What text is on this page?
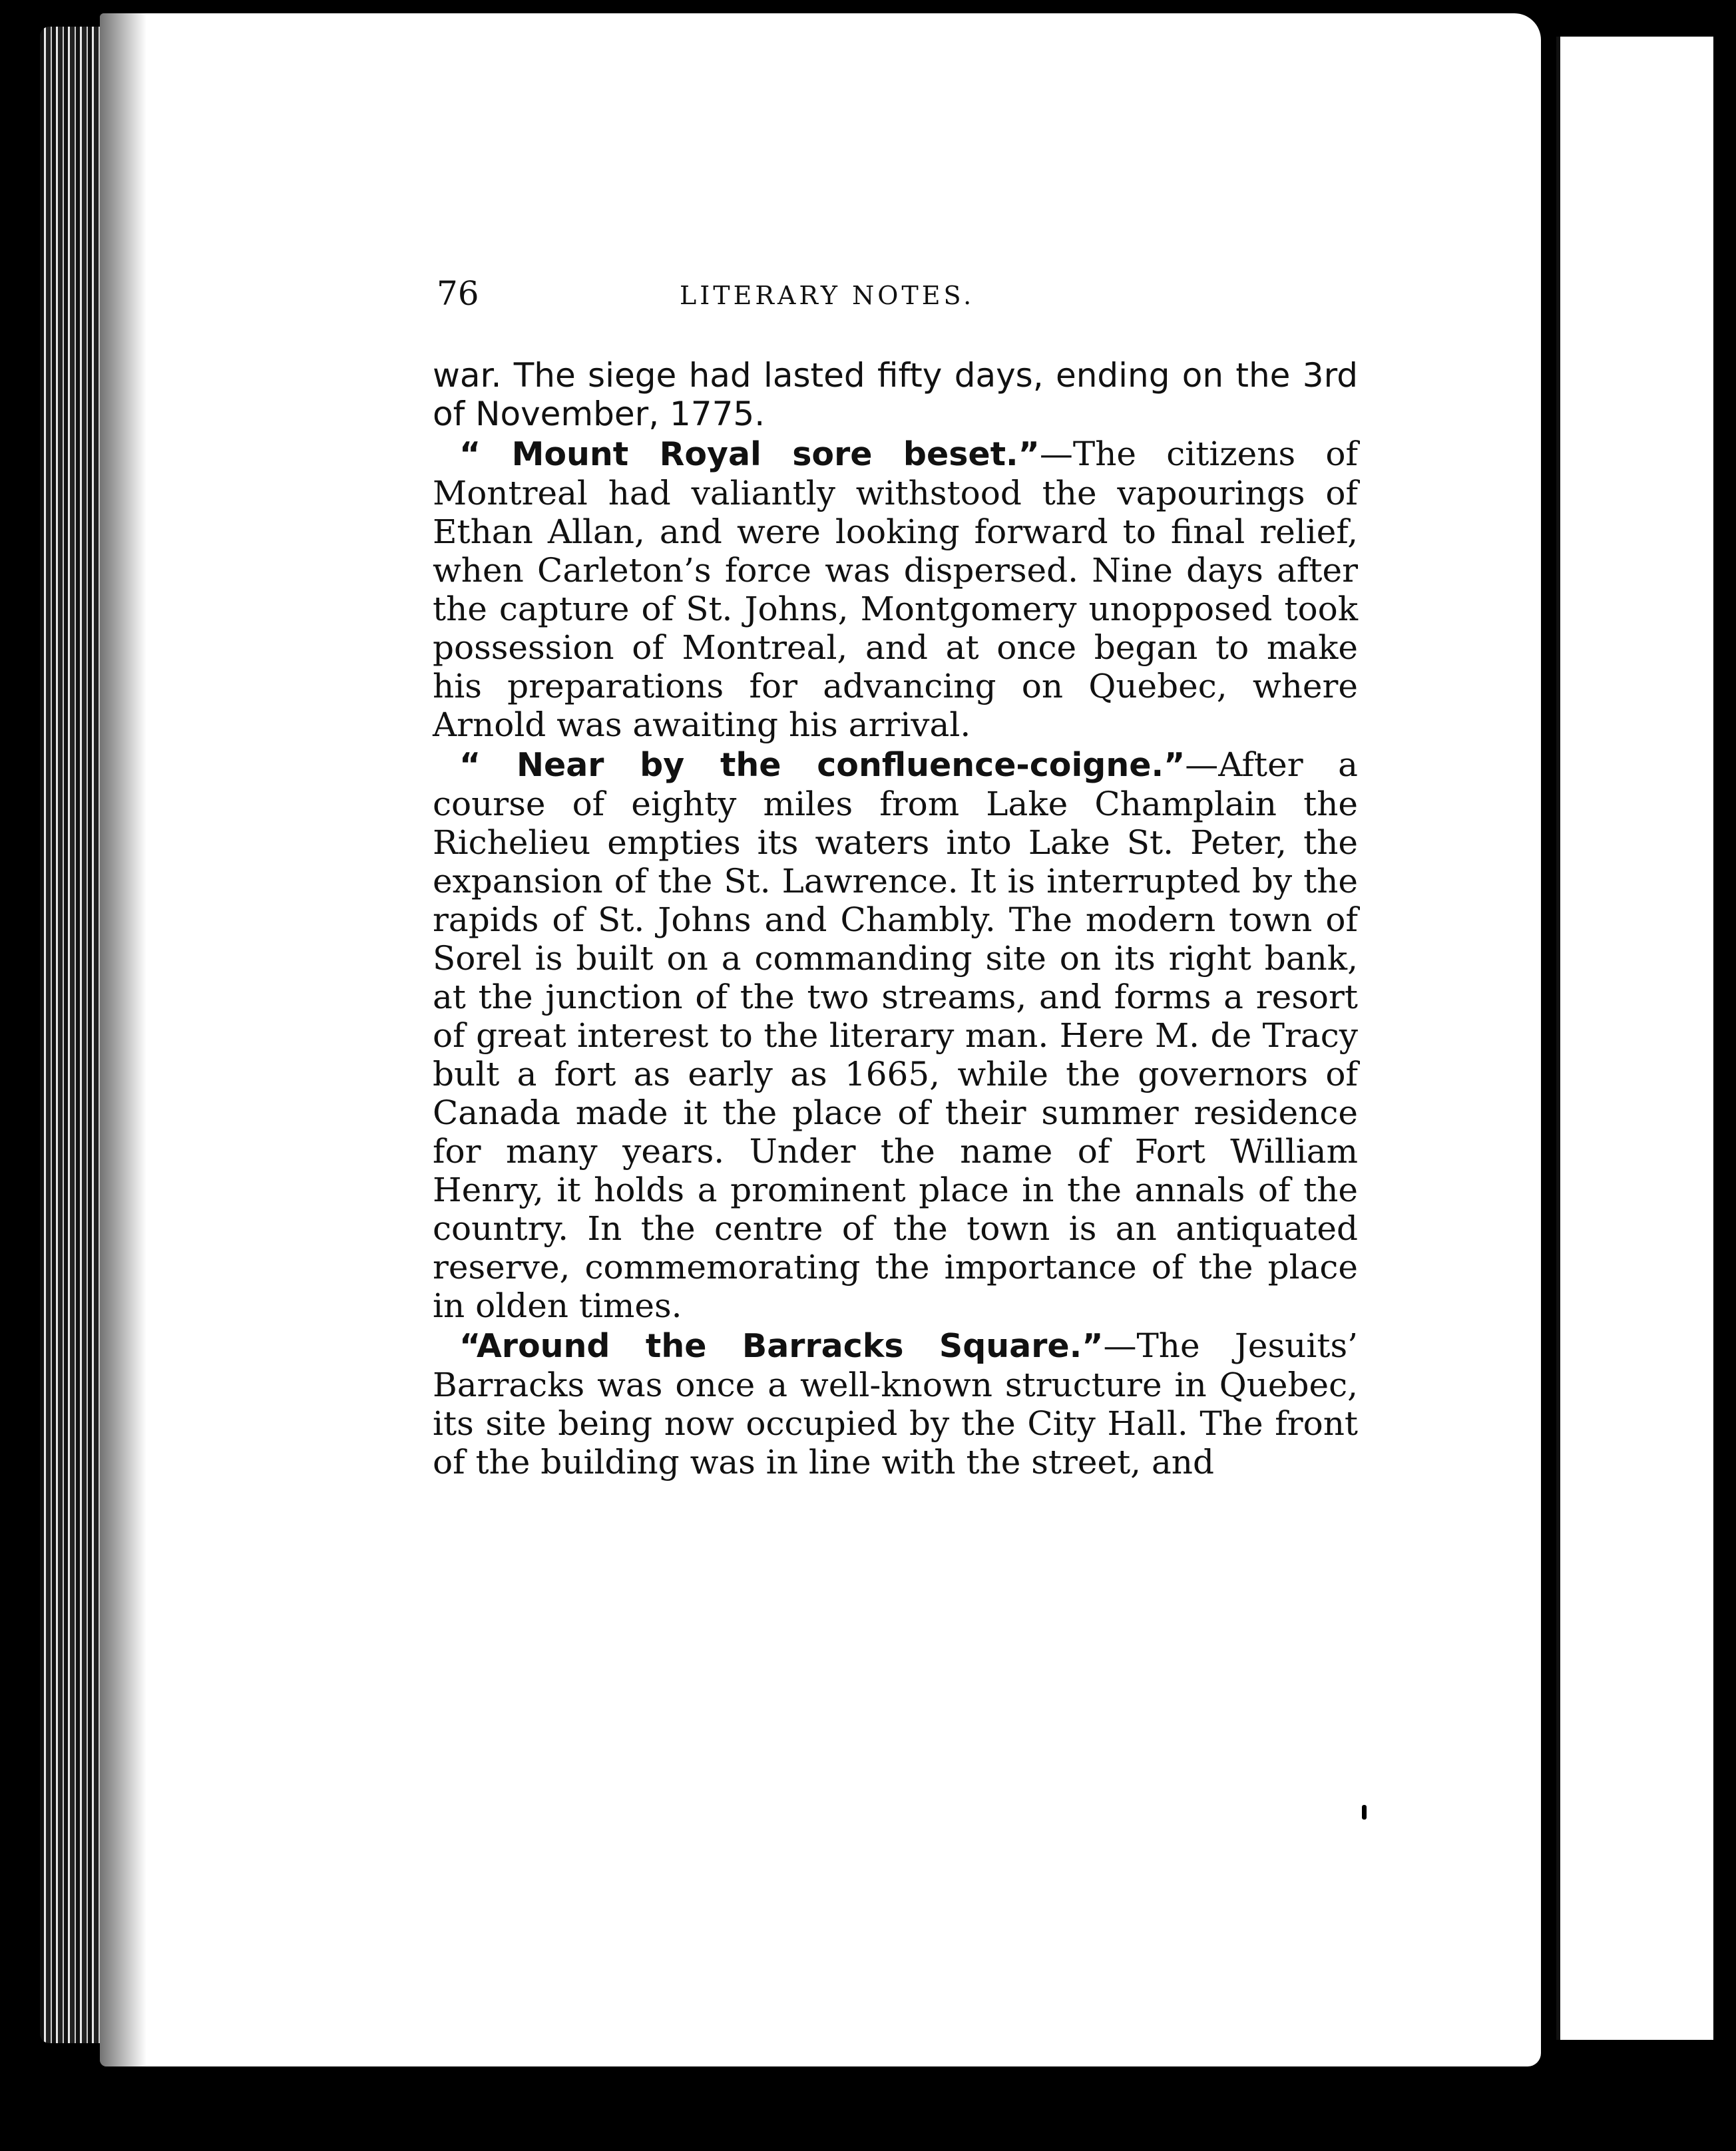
76	LITERARY NOTES.

war. The siege had lasted fifty days, ending on the 3rd of November, 1775.

“ Mount Royal sore beset.”—The citizens of Montreal had valiantly withstood the vapourings of Ethan Allan, and were looking forward to final relief, when Carleton’s force was dispersed. Nine days after the capture of St. Johns, Montgomery unopposed took possession of Montreal, and at once began to make his preparations for advancing on Quebec, where Arnold was awaiting his arrival.

“ Near by the confluence-coigne.”—After a course of eighty miles from Lake Champlain the Richelieu empties its waters into Lake St. Peter, the expansion of the St. Lawrence. It is interrupted by the rapids of St. Johns and Chambly. The modern town of Sorel is built on a commanding site on its right bank, at the junction of the two streams, and forms a resort of great interest to the literary man. Here M. de Tracy bult a fort as early as 1665, while the governors of Canada made it the place of their summer residence for many years. Under the name of Fort William Henry, it holds a prominent place in the annals of the country. In the centre of the town is an antiquated reserve, commemorating the importance of the place in olden times.

“Around the Barracks Square.”—The Jesuits’ Barracks was once a well-known structure in Quebec, its site being now occupied by the City Hall. The front of the building was in line with the street, and
